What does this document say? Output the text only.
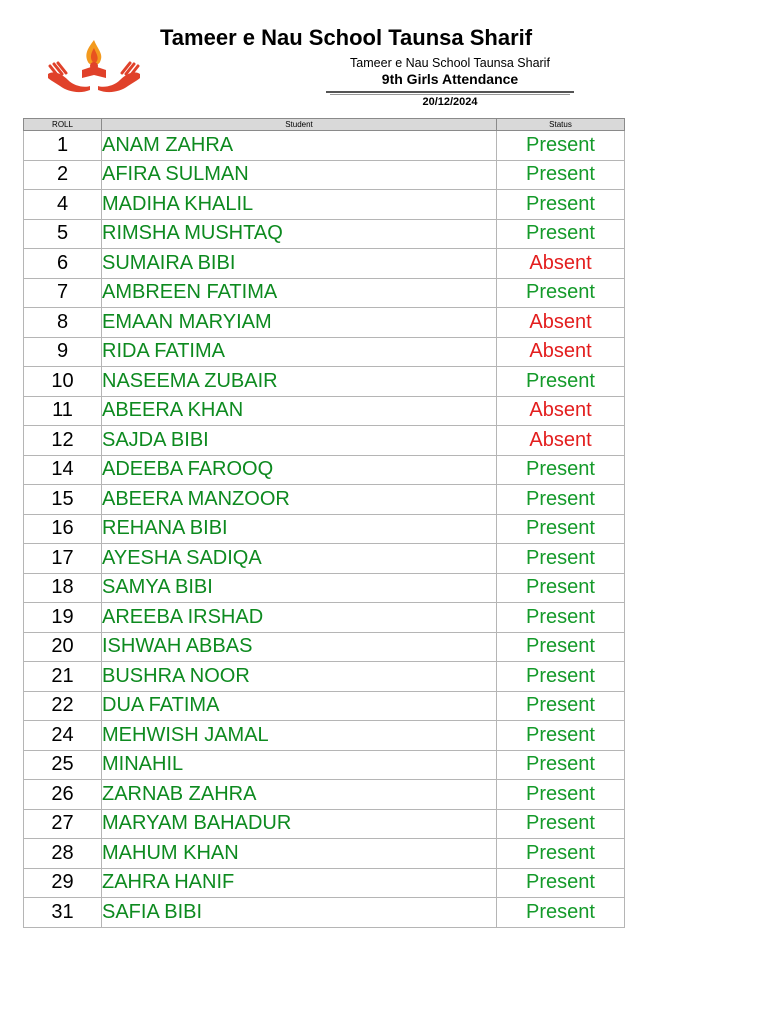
Tameer e Nau School Taunsa Sharif
Tameer e Nau School Taunsa Sharif
9th Girls Attendance
20/12/2024
ROLL	Student	Status
1	ANAM ZAHRA	Present
2	AFIRA SULMAN	Present
4	MADIHA KHALIL	Present
5	RIMSHA MUSHTAQ	Present
6	SUMAIRA BIBI	Absent
7	AMBREEN FATIMA	Present
8	EMAAN MARYIAM	Absent
9	RIDA FATIMA	Absent
10	NASEEMA ZUBAIR	Present
11	ABEERA KHAN	Absent
12	SAJDA BIBI	Absent
14	ADEEBA FAROOQ	Present
15	ABEERA MANZOOR	Present
16	REHANA BIBI	Present
17	AYESHA SADIQA	Present
18	SAMYA BIBI	Present
19	AREEBA IRSHAD	Present
20	ISHWAH ABBAS	Present
21	BUSHRA NOOR	Present
22	DUA FATIMA	Present
24	MEHWISH JAMAL	Present
25	MINAHIL	Present
26	ZARNAB ZAHRA	Present
27	MARYAM BAHADUR	Present
28	MAHUM KHAN	Present
29	ZAHRA HANIF	Present
31	SAFIA BIBI	Present
